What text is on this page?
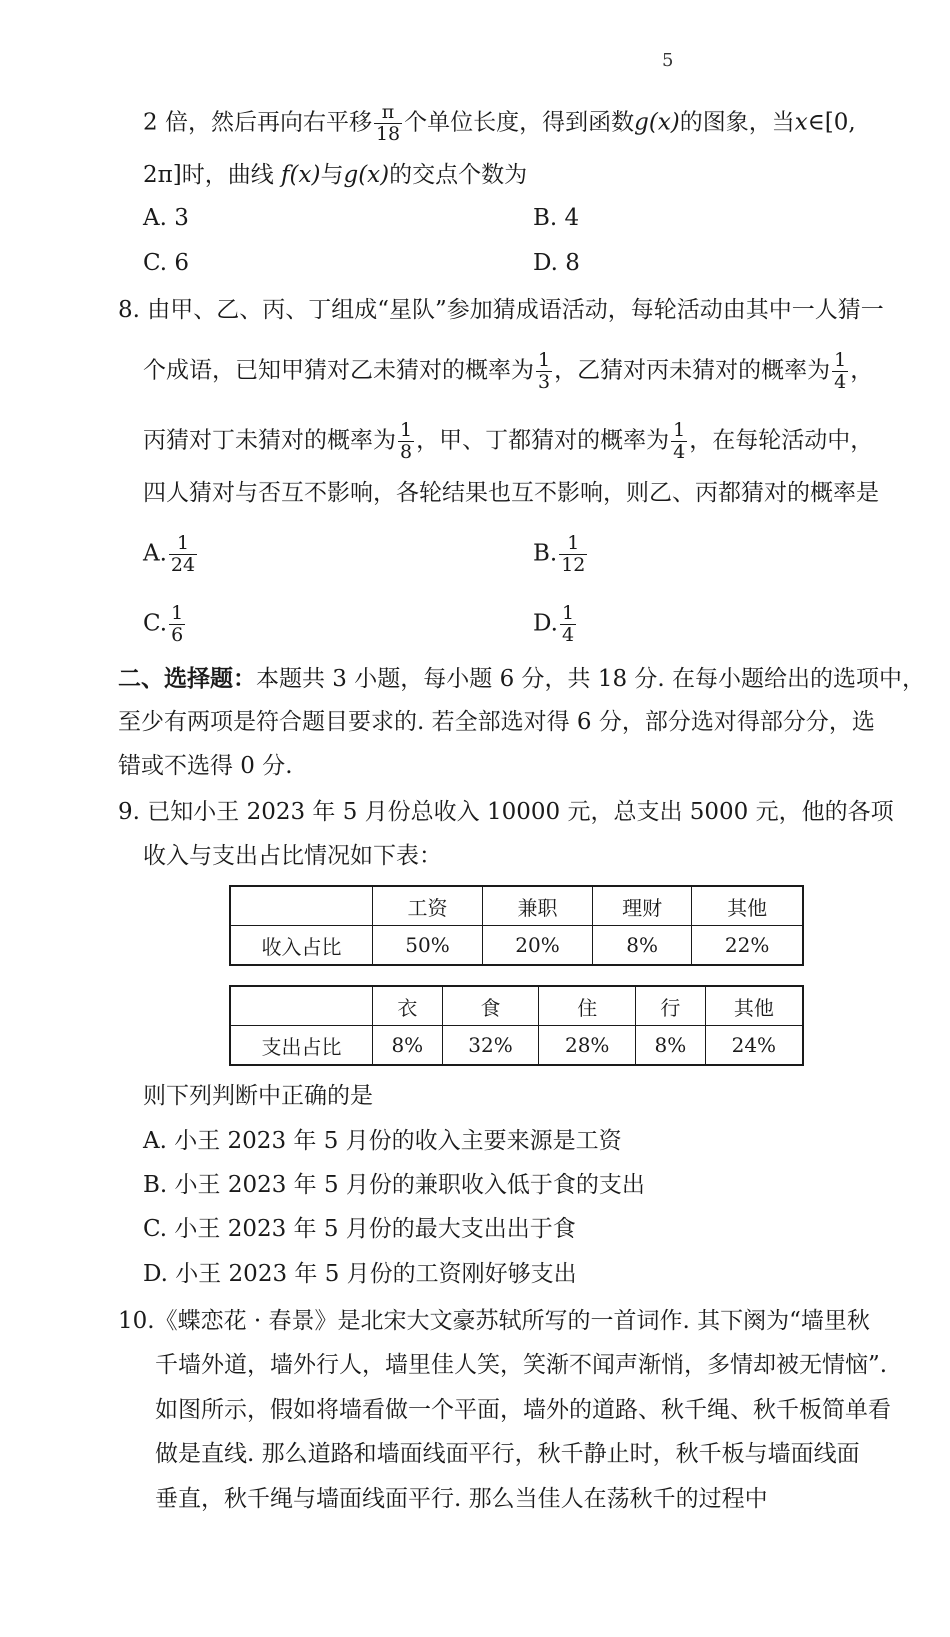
5
2 倍，然后再向右平移 $\frac{\pi}{18}$ 个单位长度，得到函数g(x)的图象，当x∈[0,
2π]时，曲线 f(x)与g(x)的交点个数为
A. 3	B. 4
C. 6	D. 8
8. 由甲、乙、丙、丁组成“星队”参加猜成语活动，每轮活动由其中一人猜一
个成语，已知甲猜对乙未猜对的概率为 $\frac{1}{3}$ ，乙猜对丙未猜对的概率为 $\frac{1}{4}$ ，
丙猜对丁未猜对的概率为 $\frac{1}{8}$ ，甲、丁都猜对的概率为 $\frac{1}{4}$ ，在每轮活动中，
四人猜对与否互不影响，各轮结果也互不影响，则乙、丙都猜对的概率是
A. $\frac{1}{24}$	B. $\frac{1}{12}$
C. $\frac{1}{6}$	D. $\frac{1}{4}$
二、选择题：本题共 3 小题，每小题 6 分，共 18 分. 在每小题给出的选项中，
至少有两项是符合题目要求的. 若全部选对得 6 分，部分选对得部分分，选
错或不选得 0 分.
9. 已知小王 2023 年 5 月份总收入 10000 元，总支出 5000 元，他的各项
收入与支出占比情况如下表：
	工资	兼职	理财	其他
收入占比	50%	20%	8%	22%
	衣	食	住	行	其他
支出占比	8%	32%	28%	8%	24%
则下列判断中正确的是
A. 小王 2023 年 5 月份的收入主要来源是工资
B. 小王 2023 年 5 月份的兼职收入低于食的支出
C. 小王 2023 年 5 月份的最大支出出于食
D. 小王 2023 年 5 月份的工资刚好够支出
10.《蝶恋花 · 春景》是北宋大文豪苏轼所写的一首词作. 其下阕为“墙里秋
千墙外道，墙外行人，墙里佳人笑，笑渐不闻声渐悄，多情却被无情恼”.
如图所示，假如将墙看做一个平面，墙外的道路、秋千绳、秋千板简单看
做是直线. 那么道路和墙面线面平行，秋千静止时，秋千板与墙面线面
垂直，秋千绳与墙面线面平行. 那么当佳人在荡秋千的过程中
